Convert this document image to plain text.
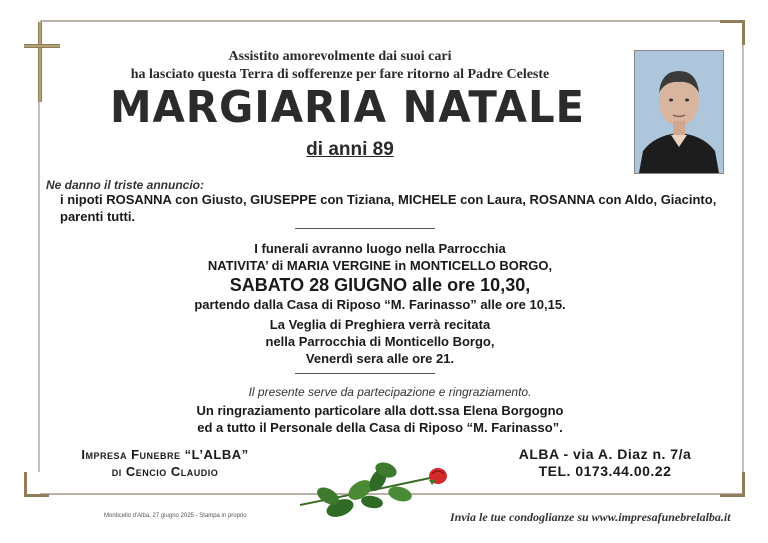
Assistito amorevolmente dai suoi cari
ha lasciato questa Terra di sofferenze per fare ritorno al Padre Celeste
MARGIARIA NATALE
di anni 89
Ne danno il triste annuncio:
i nipoti ROSANNA con Giusto, GIUSEPPE con Tiziana, MICHELE con Laura, ROSANNA con Aldo, Giacinto, parenti tutti.
I funerali avranno luogo nella Parrocchia
NATIVITA’ di MARIA VERGINE in MONTICELLO BORGO,
SABATO 28 GIUGNO alle ore 10,30,
partendo dalla Casa di Riposo “M. Farinasso” alle ore 10,15.
La Veglia di Preghiera verrà recitata
nella Parrocchia di Monticello Borgo,
Venerdì sera alle ore 21.
Il presente serve da partecipazione e ringraziamento.
Un ringraziamento particolare alla dott.ssa Elena Borgogno
ed a tutto il Personale della Casa di Riposo “M. Farinasso”.
Impresa Funebre “L’ALBA”
di Cencio Claudio
ALBA - via A. Diaz n. 7/a
TEL. 0173.44.00.22
Monticello d'Alba, 27 giugno 2025 - Stampa in proprio	Invia le tue condoglianze su www.impresafunebrelalba.it
